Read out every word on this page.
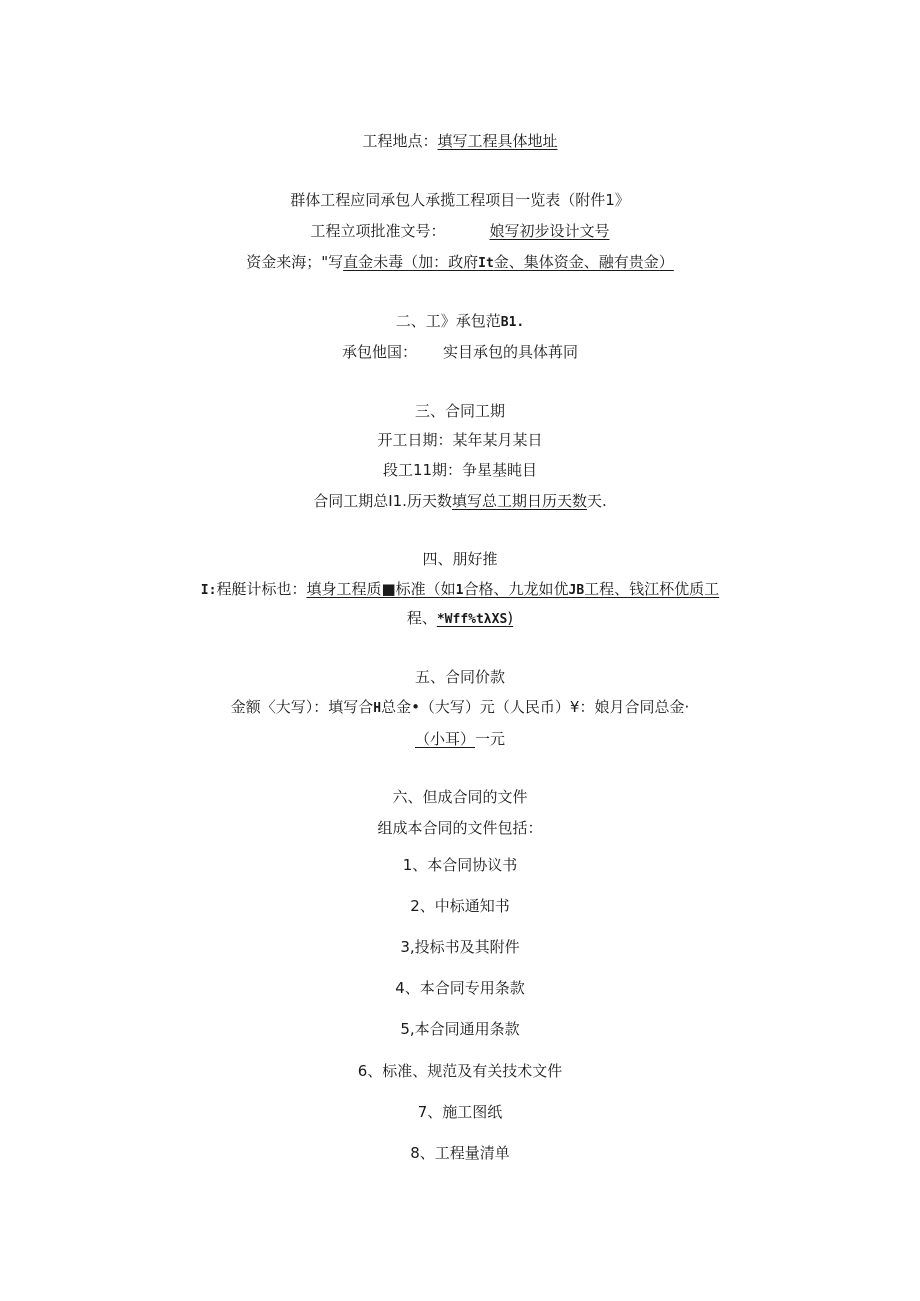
工程地点：填写工程具体地址
群体工程应同承包人承揽工程项目一览表（附件1》
工程立项批准文号：	娘写初步设计文号
资金来海；"写直金未毒（加：政府It金、集体资金、融有贵金）
二、工》承包范B1.
承包他国： 实目承包的具体苒同
三、合同工期
开工日期：某年某月某日
段工11期：争星基盹目
合同工期总I1.历天数填写总工期日历天数天.
四、朋好推
I:程艇计标也：填身工程质■标准（如1合格、九龙如优JB工程、钱江杯优质工
程、*Wff%tλXS)
五、合同价款
金额〈大写）：填写合H总金•（大写）元（人民币）¥：娘月合同总金·
（小耳）一元
六、但成合同的文件
组成本合同的文件包括：
1、本合同协议书
2、中标通知书
3,投标书及其附件
4、本合同专用条款
5,本合同通用条款
6、标准、规范及有关技术文件
7、施工图纸
8、工程量清单
